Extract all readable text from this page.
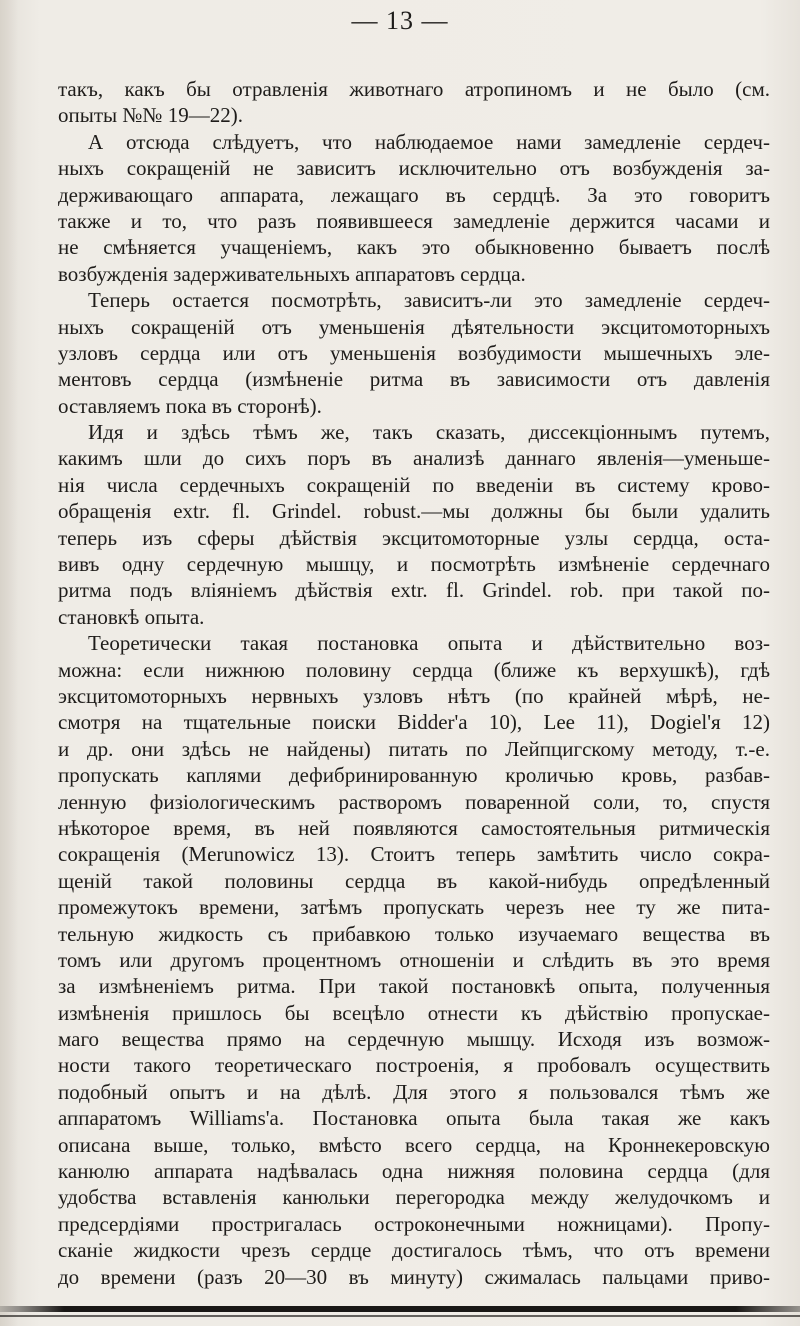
— 13 —
такъ, какъ бы отравленія животнаго атропиномъ и не было (см.
опыты №№ 19—22).
А отсюда слѣдуетъ, что наблюдаемое нами замедленіе сердеч-
ныхъ сокращеній не зависитъ исключительно отъ возбужденія за-
держивающаго аппарата, лежащаго въ сердцѣ. За это говоритъ
также и то, что разъ появившееся замедленіе держится часами и
не смѣняется учащеніемъ, какъ это обыкновенно бываетъ послѣ
возбужденія задерживательныхъ аппаратовъ сердца.
Теперь остается посмотрѣть, зависитъ-ли это замедленіе сердеч-
ныхъ сокращеній отъ уменьшенія дѣятельности эксцитомоторныхъ
узловъ сердца или отъ уменьшенія возбудимости мышечныхъ эле-
ментовъ сердца (измѣненіе ритма въ зависимости отъ давленія
оставляемъ пока въ сторонѣ).
Идя и здѣсь тѣмъ же, такъ сказать, диссекціоннымъ путемъ,
какимъ шли до сихъ поръ въ анализѣ даннаго явленія—уменьше-
нія числа сердечныхъ сокращеній по введеніи въ систему крово-
обращенія extr. fl. Grindel. robust.—мы должны бы были удалить
теперь изъ сферы дѣйствія эксцитомоторные узлы сердца, оста-
вивъ одну сердечную мышцу, и посмотрѣть измѣненіе сердечнаго
ритма подъ вліяніемъ дѣйствія extr. fl. Grindel. rob. при такой по-
становкѣ опыта.
Теоретически такая постановка опыта и дѣйствительно воз-
можна: если нижнюю половину сердца (ближе къ верхушкѣ), гдѣ
эксцитомоторныхъ нервныхъ узловъ нѣтъ (по крайней мѣрѣ, не-
смотря на тщательные поиски Bidder'a 10), Lee 11), Dogiel'я 12)
и др. они здѣсь не найдены) питать по Лейпцигскому методу, т.-е.
пропускать каплями дефибринированную кроличью кровь, разбав-
ленную физіологическимъ растворомъ поваренной соли, то, спустя
нѣкоторое время, въ ней появляются самостоятельныя ритмическія
сокращенія (Merunowicz 13). Стоитъ теперь замѣтить число сокра-
щеній такой половины сердца въ какой-нибудь опредѣленный
промежутокъ времени, затѣмъ пропускать черезъ нее ту же пита-
тельную жидкость съ прибавкою только изучаемаго вещества въ
томъ или другомъ процентномъ отношеніи и слѣдить въ это время
за измѣненіемъ ритма. При такой постановкѣ опыта, полученныя
измѣненія пришлось бы всецѣло отнести къ дѣйствію пропускае-
маго вещества прямо на сердечную мышцу. Исходя изъ возмож-
ности такого теоретическаго построенія, я пробовалъ осуществить
подобный опытъ и на дѣлѣ. Для этого я пользовался тѣмъ же
аппаратомъ Williams'a. Постановка опыта была такая же какъ
описана выше, только, вмѣсто всего сердца, на Кроннекеровскую
канюлю аппарата надѣвалась одна нижняя половина сердца (для
удобства вставленія канюльки перегородка между желудочкомъ и
предсердіями простригалась остроконечными ножницами). Пропу-
сканіе жидкости чрезъ сердце достигалось тѣмъ, что отъ времени
до времени (разъ 20—30 въ минуту) сжималась пальцами приво-
